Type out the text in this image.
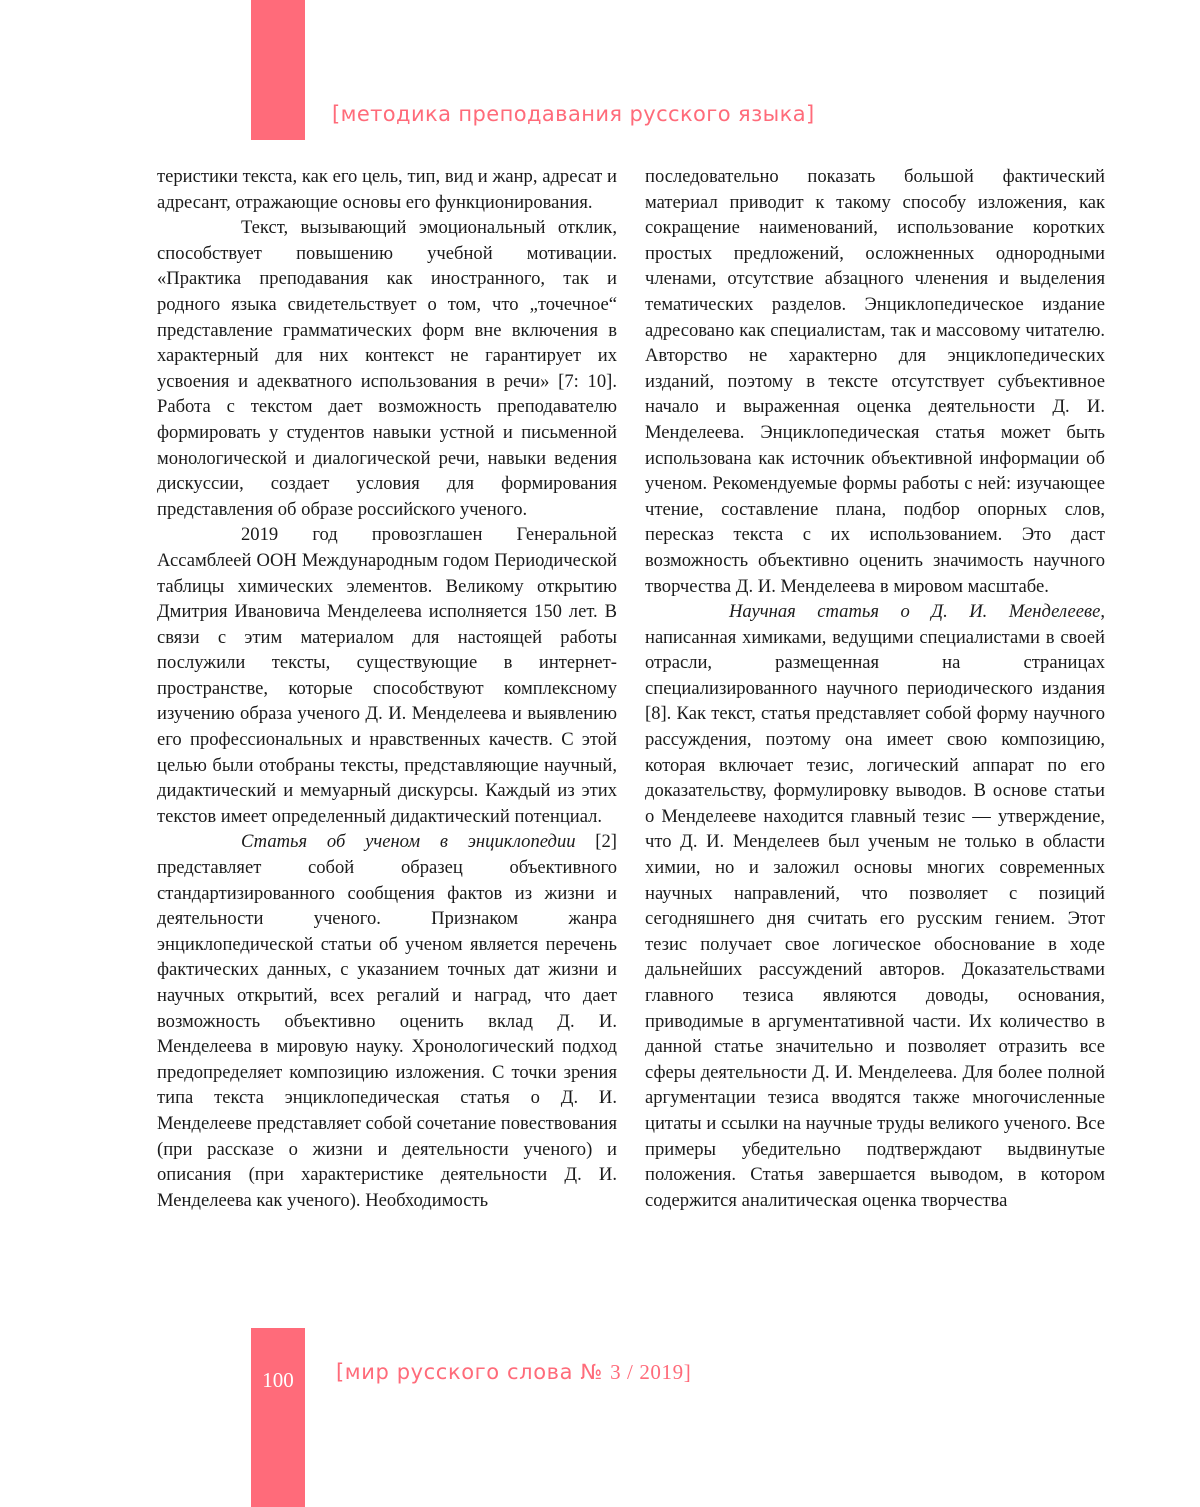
[методика преподавания русского языка]

теристики текста, как его цель, тип, вид и жанр, адресат и адресант, отражающие основы его функционирования.

Текст, вызывающий эмоциональный отклик, способствует повышению учебной мотивации. «Практика преподавания как иностранного, так и родного языка свидетельствует о том, что „точечное“ представление грамматических форм вне включения в характерный для них контекст не гарантирует их усвоения и адекватного использования в речи» [7: 10]. Работа с текстом дает возможность преподавателю формировать у студентов навыки устной и письменной монологической и диалогической речи, навыки ведения дискуссии, создает условия для формирования представления об образе российского ученого.

2019 год провозглашен Генеральной Ассамблеей ООН Международным годом Периодической таблицы химических элементов. Великому открытию Дмитрия Ивановича Менделеева исполняется 150 лет. В связи с этим материалом для настоящей работы послужили тексты, существующие в интернет-пространстве, которые способствуют комплексному изучению образа ученого Д. И. Менделеева и выявлению его профессиональных и нравственных качеств. С этой целью были отобраны тексты, представляющие научный, дидактический и мемуарный дискурсы. Каждый из этих текстов имеет определенный дидактический потенциал.

Статья об ученом в энциклопедии [2] представляет собой образец объективного стандартизированного сообщения фактов из жизни и деятельности ученого. Признаком жанра энциклопедической статьи об ученом является перечень фактических данных, с указанием точных дат жизни и научных открытий, всех регалий и наград, что дает возможность объективно оценить вклад Д. И. Менделеева в мировую науку. Хронологический подход предопределяет композицию изложения. С точки зрения типа текста энциклопедическая статья о Д. И. Менделееве представляет собой сочетание повествования (при рассказе о жизни и деятельности ученого) и описания (при характеристике деятельности Д. И. Менделеева как ученого). Необходимость

последовательно показать большой фактический материал приводит к такому способу изложения, как сокращение наименований, использование коротких простых предложений, осложненных однородными членами, отсутствие абзацного членения и выделения тематических разделов. Энциклопедическое издание адресовано как специалистам, так и массовому читателю. Авторство не характерно для энциклопедических изданий, поэтому в тексте отсутствует субъективное начало и выраженная оценка деятельности Д. И. Менделеева. Энциклопедическая статья может быть использована как источник объективной информации об ученом. Рекомендуемые формы работы с ней: изучающее чтение, составление плана, подбор опорных слов, пересказ текста с их использованием. Это даст возможность объективно оценить значимость научного творчества Д. И. Менделеева в мировом масштабе.

Научная статья о Д. И. Менделееве, написанная химиками, ведущими специалистами в своей отрасли, размещенная на страницах специализированного научного периодического издания [8]. Как текст, статья представляет собой форму научного рассуждения, поэтому она имеет свою композицию, которая включает тезис, логический аппарат по его доказательству, формулировку выводов. В основе статьи о Менделееве находится главный тезис — утверждение, что Д. И. Менделеев был ученым не только в области химии, но и заложил основы многих современных научных направлений, что позволяет с позиций сегодняшнего дня считать его русским гением. Этот тезис получает свое логическое обоснование в ходе дальнейших рассуждений авторов. Доказательствами главного тезиса являются доводы, основания, приводимые в аргументативной части. Их количество в данной статье значительно и позволяет отразить все сферы деятельности Д. И. Менделеева. Для более полной аргументации тезиса вводятся также многочисленные цитаты и ссылки на научные труды великого ученого. Все примеры убедительно подтверждают выдвинутые положения. Статья завершается выводом, в котором содержится аналитическая оценка творчества

100	[мир русского слова № 3 / 2019]
